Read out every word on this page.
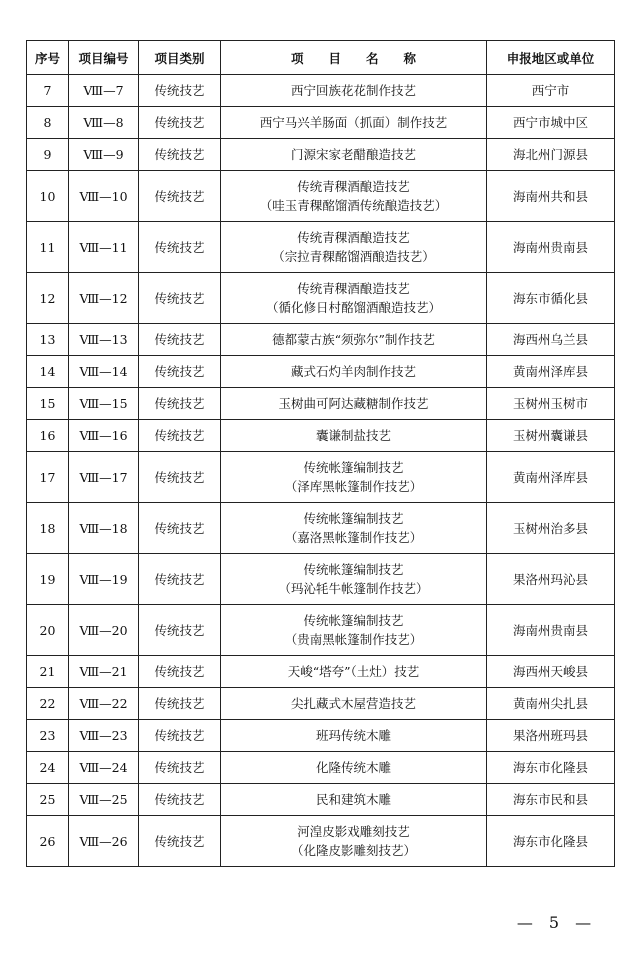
序号	项目编号	项目类别	项　　目　　名　　称	申报地区或单位
7	Ⅷ—7	传统技艺	西宁回族花花制作技艺	西宁市
8	Ⅷ—8	传统技艺	西宁马兴羊肠面（抓面）制作技艺	西宁市城中区
9	Ⅷ—9	传统技艺	门源宋家老醋酿造技艺	海北州门源县
10	Ⅷ—10	传统技艺	传统青稞酒酿造技艺
（哇玉青稞酩馏酒传统酿造技艺）	海南州共和县
11	Ⅷ—11	传统技艺	传统青稞酒酿造技艺
（宗拉青稞酩馏酒酿造技艺）	海南州贵南县
12	Ⅷ—12	传统技艺	传统青稞酒酿造技艺
（循化修日村酩馏酒酿造技艺）	海东市循化县
13	Ⅷ—13	传统技艺	德都蒙古族“须弥尔”制作技艺	海西州乌兰县
14	Ⅷ—14	传统技艺	藏式石灼羊肉制作技艺	黄南州泽库县
15	Ⅷ—15	传统技艺	玉树曲可阿达藏糖制作技艺	玉树州玉树市
16	Ⅷ—16	传统技艺	囊谦制盐技艺	玉树州囊谦县
17	Ⅷ—17	传统技艺	传统帐篷编制技艺
（泽库黑帐篷制作技艺）	黄南州泽库县
18	Ⅷ—18	传统技艺	传统帐篷编制技艺
（嘉洛黑帐篷制作技艺）	玉树州治多县
19	Ⅷ—19	传统技艺	传统帐篷编制技艺
（玛沁牦牛帐篷制作技艺）	果洛州玛沁县
20	Ⅷ—20	传统技艺	传统帐篷编制技艺
（贵南黑帐篷制作技艺）	海南州贵南县
21	Ⅷ—21	传统技艺	天峻“塔夸”（土灶）技艺	海西州天峻县
22	Ⅷ—22	传统技艺	尖扎藏式木屋营造技艺	黄南州尖扎县
23	Ⅷ—23	传统技艺	班玛传统木雕	果洛州班玛县
24	Ⅷ—24	传统技艺	化隆传统木雕	海东市化隆县
25	Ⅷ—25	传统技艺	民和建筑木雕	海东市民和县
26	Ⅷ—26	传统技艺	河湟皮影戏雕刻技艺
（化隆皮影雕刻技艺）	海东市化隆县
—　5　—
